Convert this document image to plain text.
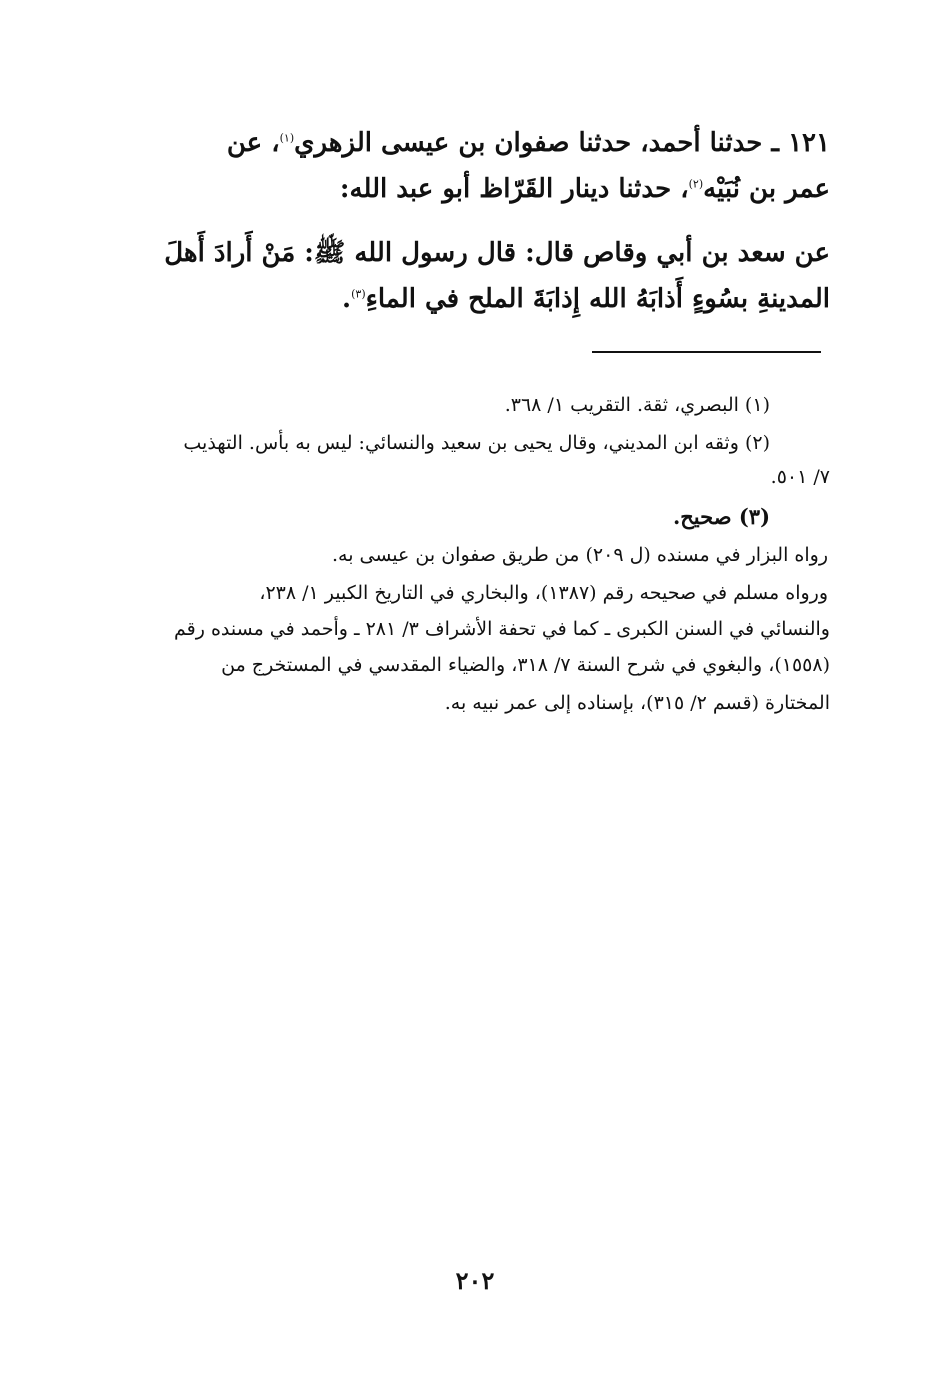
١٢١ ـ حدثنا أحمد، حدثنا صفوان بن عيسى الزهري$^{(١)}$، عن
عمر بن نُبَيْه$^{(٢)}$، حدثنا دينار القَرّاظ أبو عبد الله:
عن سعد بن أبي وقاص قال: قال رسول الله ﷺ: مَنْ أَرادَ أَهلَ
المدينةِ بسُوءٍ أَذابَهُ الله إِذابَةَ الملح في الماءِ$^{(٣)}$.
(١) البصري، ثقة. التقريب ١/ ٣٦٨.
(٢) وثقه ابن المديني، وقال يحيى بن سعيد والنسائي: ليس به بأس. التهذيب
٧/ ٥٠١.
(٣) صحيح.
رواه البزار في مسنده (ل ٢٠٩) من طريق صفوان بن عيسى به.
ورواه مسلم في صحيحه رقم (١٣٨٧)، والبخاري في التاريخ الكبير ١/ ٢٣٨،
والنسائي في السنن الكبرى ـ كما في تحفة الأشراف ٣/ ٢٨١ ـ وأحمد في مسنده رقم
(١٥٥٨)، والبغوي في شرح السنة ٧/ ٣١٨، والضياء المقدسي في المستخرج من
المختارة (قسم ٢/ ٣١٥)، بإسناده إلى عمر نبيه به.
٢٠٢
